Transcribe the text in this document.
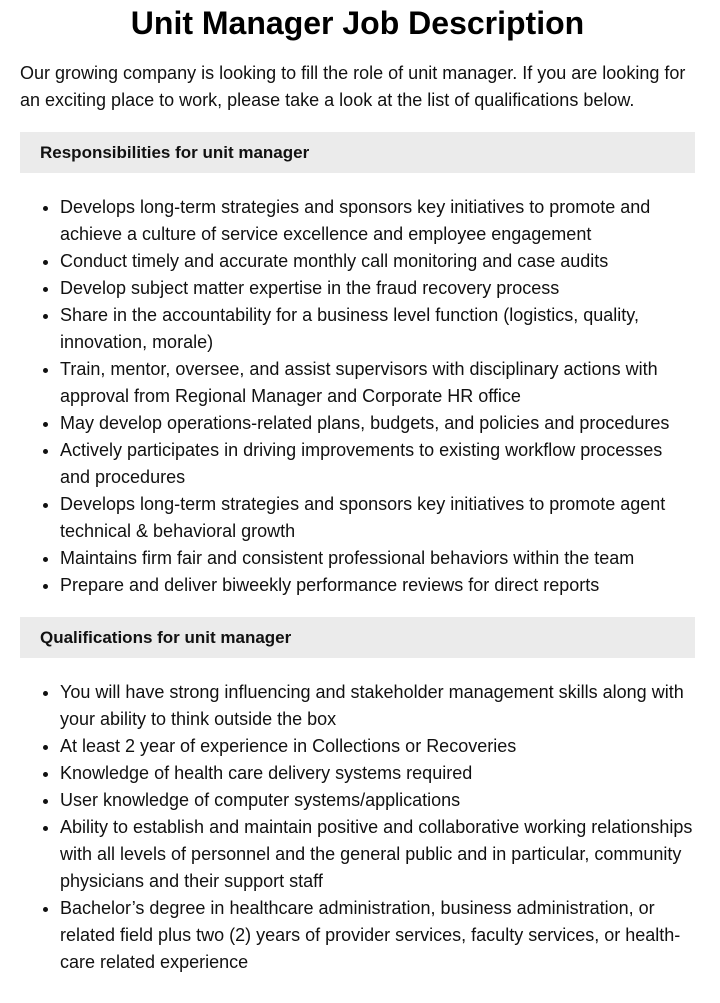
Unit Manager Job Description

Our growing company is looking to fill the role of unit manager. If you are looking for an exciting place to work, please take a look at the list of qualifications below.

Responsibilities for unit manager
• Develops long-term strategies and sponsors key initiatives to promote and achieve a culture of service excellence and employee engagement
• Conduct timely and accurate monthly call monitoring and case audits
• Develop subject matter expertise in the fraud recovery process
• Share in the accountability for a business level function (logistics, quality, innovation, morale)
• Train, mentor, oversee, and assist supervisors with disciplinary actions with approval from Regional Manager and Corporate HR office
• May develop operations-related plans, budgets, and policies and procedures
• Actively participates in driving improvements to existing workflow processes and procedures
• Develops long-term strategies and sponsors key initiatives to promote agent technical & behavioral growth
• Maintains firm fair and consistent professional behaviors within the team
• Prepare and deliver biweekly performance reviews for direct reports
Qualifications for unit manager
• You will have strong influencing and stakeholder management skills along with your ability to think outside the box
• At least 2 year of experience in Collections or Recoveries
• Knowledge of health care delivery systems required
• User knowledge of computer systems/applications
• Ability to establish and maintain positive and collaborative working relationships with all levels of personnel and the general public and in particular, community physicians and their support staff
• Bachelor’s degree in healthcare administration, business administration, or related field plus two (2) years of provider services, faculty services, or health-care related experience
